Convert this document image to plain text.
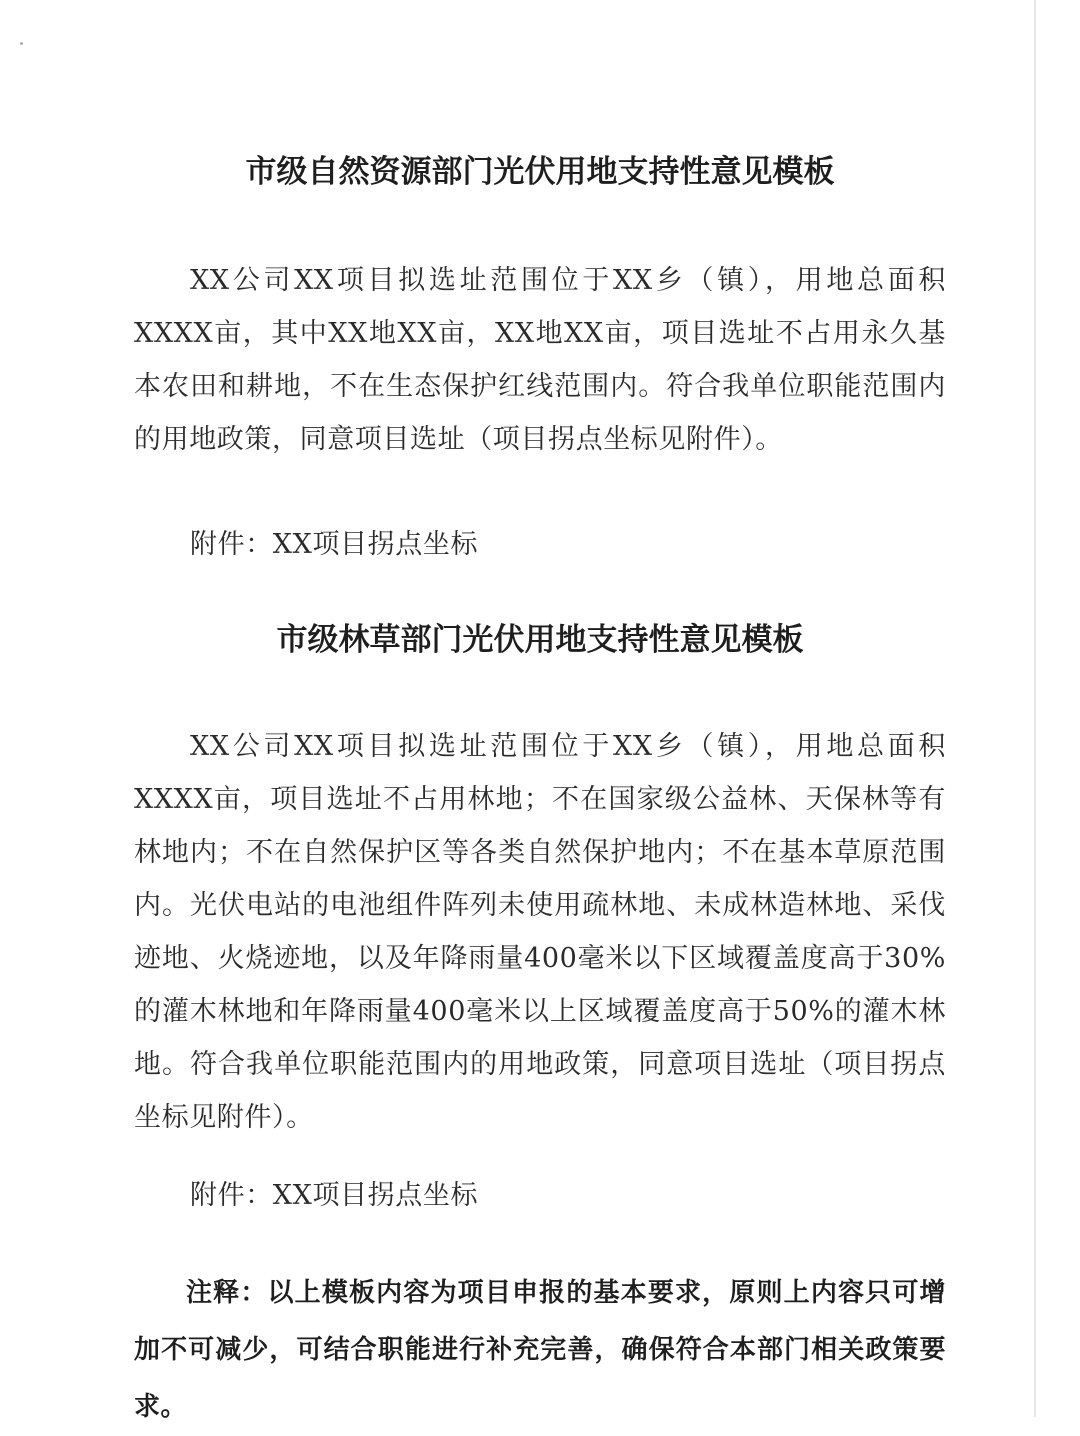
市级自然资源部门光伏用地支持性意见模板

XX公司XX项目拟选址范围位于XX乡（镇），用地总面积XXXX亩，其中XX地XX亩，XX地XX亩，项目选址不占用永久基本农田和耕地，不在生态保护红线范围内。符合我单位职能范围内的用地政策，同意项目选址（项目拐点坐标见附件）。

附件：XX项目拐点坐标
市级林草部门光伏用地支持性意见模板

XX公司XX项目拟选址范围位于XX乡（镇），用地总面积XXXX亩，项目选址不占用林地；不在国家级公益林、天保林等有林地内；不在自然保护区等各类自然保护地内；不在基本草原范围内。光伏电站的电池组件阵列未使用疏林地、未成林造林地、采伐迹地、火烧迹地，以及年降雨量400毫米以下区域覆盖度高于30%的灌木林地和年降雨量400毫米以上区域覆盖度高于50%的灌木林地。符合我单位职能范围内的用地政策，同意项目选址（项目拐点坐标见附件）。

附件：XX项目拐点坐标

注释：以上模板内容为项目申报的基本要求，原则上内容只可增加不可减少，可结合职能进行补充完善，确保符合本部门相关政策要求。
